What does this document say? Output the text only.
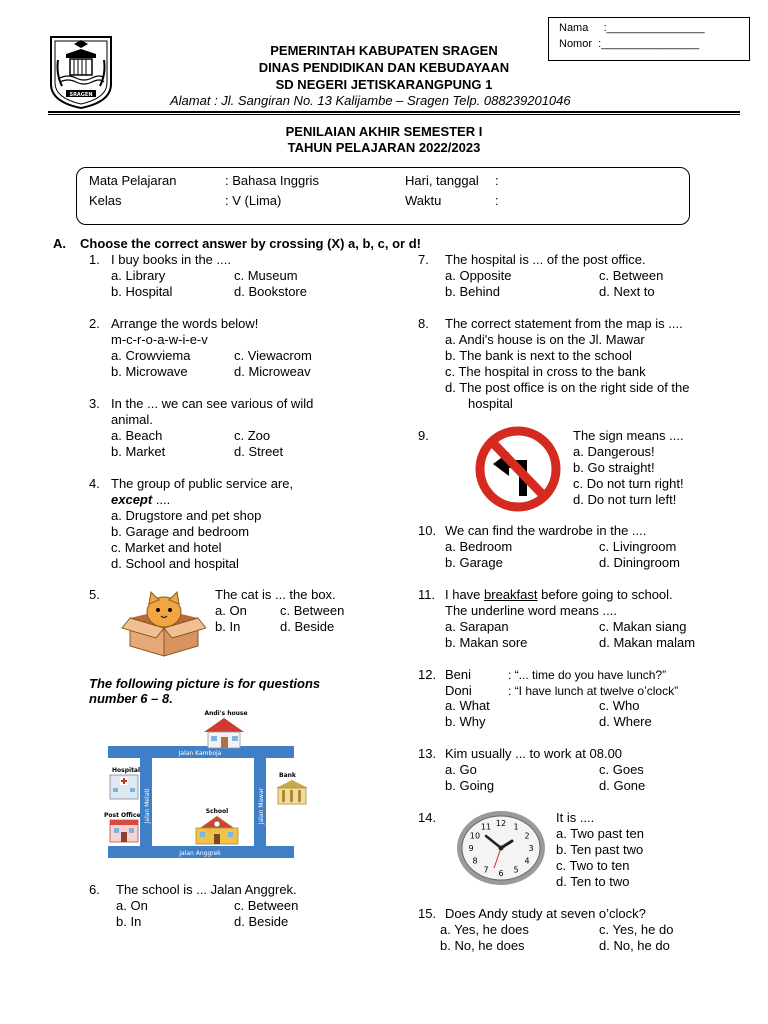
Nama :________________
Nomor :________________
SRAGEN
PEMERINTAH KABUPATEN SRAGEN
DINAS PENDIDIKAN DAN KEBUDAYAAN
SD NEGERI JETISKARANGPUNG 1
Alamat : Jl. Sangiran No. 13 Kalijambe – Sragen Telp. 088239201046
PENILAIAN AKHIR SEMESTER I
TAHUN PELAJARAN 2022/2023
Mata Pelajaran	: Bahasa Inggris
Kelas	: V (Lima)
Hari, tanggal :
Waktu	:
A. Choose the correct answer by crossing (X) a, b, c, or d!
1. I buy books in the ....
a. Library	c. Museum
b. Hospital	d. Bookstore
2. Arrange the words below!
m-c-r-o-a-w-i-e-v
a. Crowviema	c. Viewacrom
b. Microwave	d. Microweav
3. In the ... we can see various of wild
animal.
a. Beach	c. Zoo
b. Market	d. Street
4. The group of public service are,
except ....
a. Drugstore and pet shop
b. Garage and bedroom
c. Market and hotel
d. School and hospital
5.	The cat is ... the box.
a. On	c. Between
b. In	d. Beside
The following picture is for questions
number 6 – 8.
Jalan Kamboja
Jalan Anggrek
Jalan Melati	Jalan Mawar
Andi's house
Hospital
Bank
School
Post Office
6. The school is ... Jalan Anggrek.
a. On	c. Between
b. In	d. Beside
7. The hospital is ... of the post office.
a. Opposite	c. Between
b. Behind	d. Next to
8. The correct statement from the map is ....
a. Andi's house is on the Jl. Mawar
b. The bank is next to the school
c. The hospital in cross to the bank
d. The post office is on the right side of the
hospital
9.	The sign means ....
a. Dangerous!
b. Go straight!
c. Do not turn right!
d. Do not turn left!
10. We can find the wardrobe in the ....
a. Bedroom	c. Livingroom
b. Garage	d. Diningroom
11. I have breakfast before going to school.
The underline word means ....
a. Sarapan	c. Makan siang
b. Makan sore	d. Makan malam
12. Beni	: “... time do you have lunch?”
Doni	: “I have lunch at twelve o’clock”
a. What	c. Who
b. Why	d. Where
13. Kim usually ... to work at 08.00
a. Go	c. Goes
b. Going	d. Gone
14.	12 1
2
3
4
5
6
7
8
9
10
11
It is ....
a. Two past ten
b. Ten past two
c. Two to ten
d. Ten to two
15. Does Andy study at seven o’clock?
a. Yes, he does	c. Yes, he do
b. No, he does	d. No, he do
